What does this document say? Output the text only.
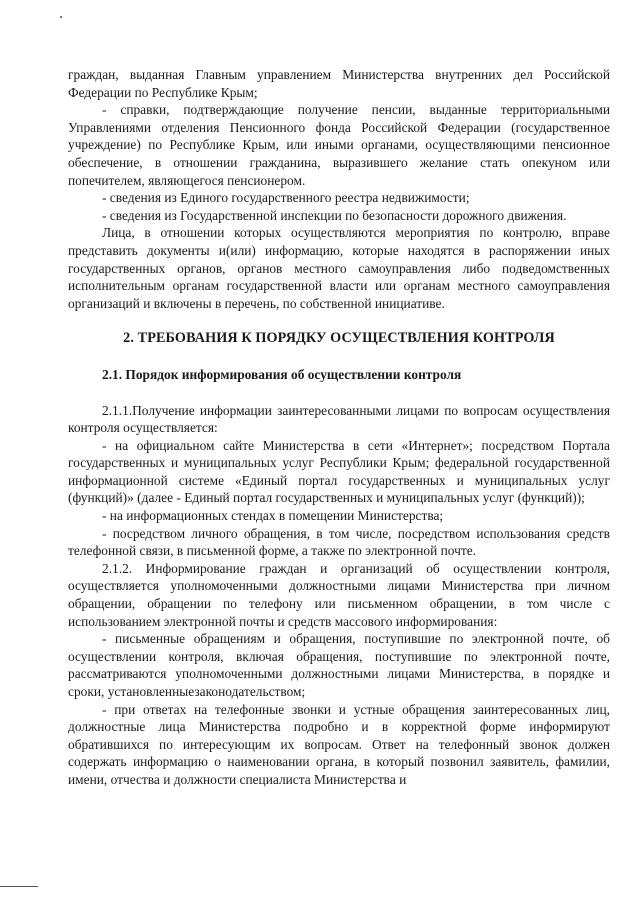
граждан, выданная Главным управлением Министерства внутренних дел Российской Федерации по Республике Крым;

- справки, подтверждающие получение пенсии, выданные территориальными Управлениями отделения Пенсионного фонда Российской Федерации (государственное учреждение) по Республике Крым, или иными органами, осуществляющими пенсионное обеспечение, в отношении гражданина, выразившего желание стать опекуном или попечителем, являющегося пенсионером.

- сведения из Единого государственного реестра недвижимости;

- сведения из Государственной инспекции по безопасности дорожного движения.

Лица, в отношении которых осуществляются мероприятия по контролю, вправе представить документы и(или) информацию, которые находятся в распоряжении иных государственных органов, органов местного самоуправления либо подведомственных исполнительным органам государственной власти или органам местного самоуправления организаций и включены в перечень, по собственной инициативе.

2. ТРЕБОВАНИЯ К ПОРЯДКУ ОСУЩЕСТВЛЕНИЯ КОНТРОЛЯ

2.1. Порядок информирования об осуществлении контроля

2.1.1.Получение информации заинтересованными лицами по вопросам осуществления контроля осуществляется:

- на официальном сайте Министерства в сети «Интернет»; посредством Портала государственных и муниципальных услуг Республики Крым; федеральной государственной информационной системе «Единый портал государственных и муниципальных услуг (функций)» (далее - Единый портал государственных и муниципальных услуг (функций));

- на информационных стендах в помещении Министерства;

- посредством личного обращения, в том числе, посредством использования средств телефонной связи, в письменной форме, а также по электронной почте.

2.1.2. Информирование граждан и организаций об осуществлении контроля, осуществляется уполномоченными должностными лицами Министерства при личном обращении, обращении по телефону или письменном обращении, в том числе с использованием электронной почты и средств массового информирования:

- письменные обращениям и обращения, поступившие по электронной почте, об осуществлении контроля, включая обращения, поступившие по электронной почте, рассматриваются уполномоченными должностными лицами Министерства, в порядке и сроки, установленныезаконодательством;

- при ответах на телефонные звонки и устные обращения заинтересованных лиц, должностные лица Министерства подробно и в корректной форме информируют обратившихся по интересующим их вопросам. Ответ на телефонный звонок должен содержать информацию о наименовании органа, в который позвонил заявитель, фамилии, имени, отчества и должности специалиста Министерства и
